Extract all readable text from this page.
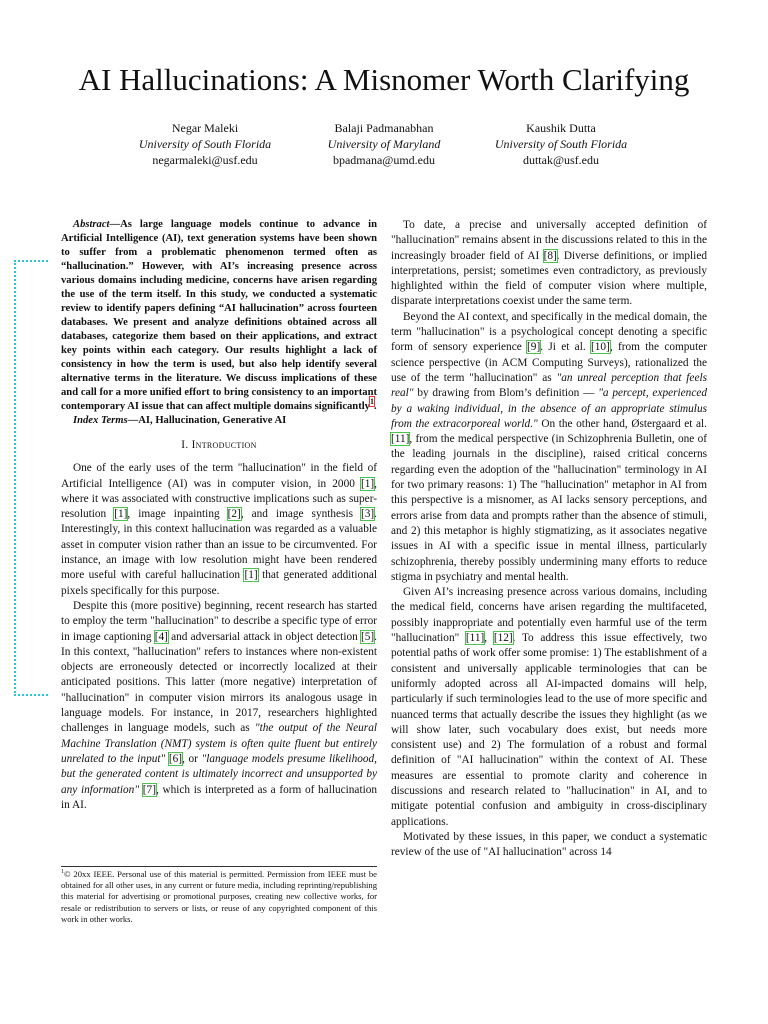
AI Hallucinations: A Misnomer Worth Clarifying
Negar Maleki
University of South Florida
negarmaleki@usf.edu
Balaji Padmanabhan
University of Maryland
bpadmana@umd.edu
Kaushik Dutta
University of South Florida
duttak@usf.edu

Abstract—As large language models continue to advance in Artificial Intelligence (AI), text generation systems have been shown to suffer from a problematic phenomenon termed often as “hallucination.” However, with AI’s increasing presence across various domains including medicine, concerns have arisen regarding the use of the term itself. In this study, we conducted a systematic review to identify papers defining “AI hallucination” across fourteen databases. We present and analyze definitions obtained across all databases, categorize them based on their applications, and extract key points within each category. Our results highlight a lack of consistency in how the term is used, but also help identify several alternative terms in the literature. We discuss implications of these and call for a more unified effort to bring consistency to an important contemporary AI issue that can affect multiple domains significantly$^1$.

Index Terms—AI, Hallucination, Generative AI

I. Introduction

One of the early uses of the term "hallucination" in the field of Artificial Intelligence (AI) was in computer vision, in 2000 [1], where it was associated with constructive implications such as super-resolution [1], image inpainting [2], and image synthesis [3]. Interestingly, in this context hallucination was regarded as a valuable asset in computer vision rather than an issue to be circumvented. For instance, an image with low resolution might have been rendered more useful with careful hallucination [1] that generated additional pixels specifically for this purpose.

Despite this (more positive) beginning, recent research has started to employ the term "hallucination" to describe a specific type of error in image captioning [4] and adversarial attack in object detection [5]. In this context, "hallucination" refers to instances where non-existent objects are erroneously detected or incorrectly localized at their anticipated positions. This latter (more negative) interpretation of "hallucination" in computer vision mirrors its analogous usage in language models. For instance, in 2017, researchers highlighted challenges in language models, such as "the output of the Neural Machine Translation (NMT) system is often quite fluent but entirely unrelated to the input" [6], or "language models presume likelihood, but the generated content is ultimately incorrect and unsupported by any information" [7], which is interpreted as a form of hallucination in AI.

$^1$© 20xx IEEE. Personal use of this material is permitted. Permission from IEEE must be obtained for all other uses, in any current or future media, including reprinting/republishing this material for advertising or promotional purposes, creating new collective works, for resale or redistribution to servers or lists, or reuse of any copyrighted component of this work in other works.

To date, a precise and universally accepted definition of "hallucination" remains absent in the discussions related to this in the increasingly broader field of AI [8]. Diverse definitions, or implied interpretations, persist; sometimes even contradictory, as previously highlighted within the field of computer vision where multiple, disparate interpretations coexist under the same term.

Beyond the AI context, and specifically in the medical domain, the term "hallucination" is a psychological concept denoting a specific form of sensory experience [9]. Ji et al. [10], from the computer science perspective (in ACM Computing Surveys), rationalized the use of the term "hallucination" as "an unreal perception that feels real" by drawing from Blom’s definition — "a percept, experienced by a waking individual, in the absence of an appropriate stimulus from the extracorporeal world." On the other hand, Østergaard et al. [11], from the medical perspective (in Schizophrenia Bulletin, one of the leading journals in the discipline), raised critical concerns regarding even the adoption of the "hallucination" terminology in AI for two primary reasons: 1) The "hallucination" metaphor in AI from this perspective is a misnomer, as AI lacks sensory perceptions, and errors arise from data and prompts rather than the absence of stimuli, and 2) this metaphor is highly stigmatizing, as it associates negative issues in AI with a specific issue in mental illness, particularly schizophrenia, thereby possibly undermining many efforts to reduce stigma in psychiatry and mental health.

Given AI’s increasing presence across various domains, including the medical field, concerns have arisen regarding the multifaceted, possibly inappropriate and potentially even harmful use of the term "hallucination" [11], [12]. To address this issue effectively, two potential paths of work offer some promise: 1) The establishment of a consistent and universally applicable terminologies that can be uniformly adopted across all AI-impacted domains will help, particularly if such terminologies lead to the use of more specific and nuanced terms that actually describe the issues they highlight (as we will show later, such vocabulary does exist, but needs more consistent use) and 2) The formulation of a robust and formal definition of "AI hallucination" within the context of AI. These measures are essential to promote clarity and coherence in discussions and research related to "hallucination" in AI, and to mitigate potential confusion and ambiguity in cross-disciplinary applications.

Motivated by these issues, in this paper, we conduct a systematic review of the use of "AI hallucination" across 14
